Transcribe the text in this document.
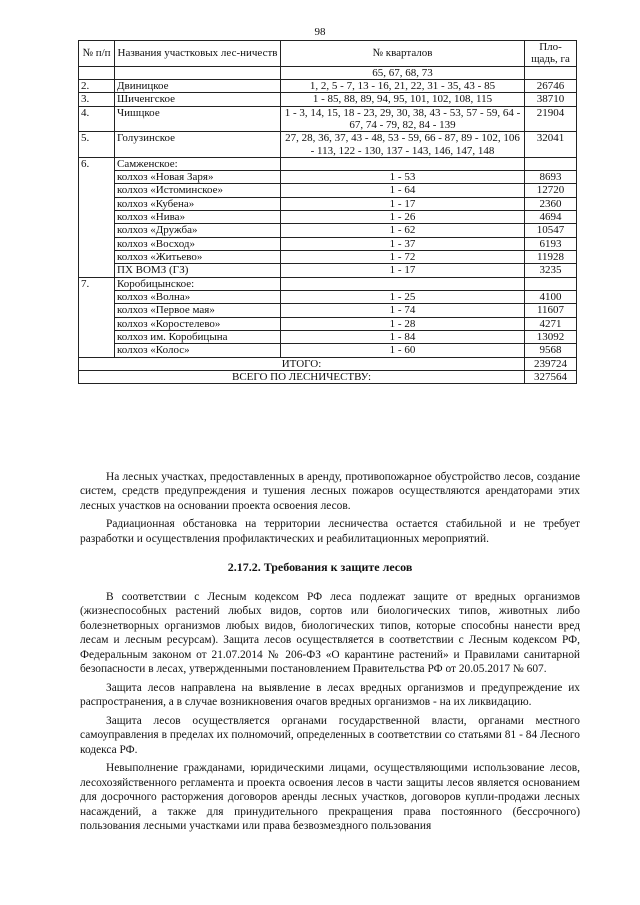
98
№ п/п	Названия участковых лес-ничеств	№ кварталов	Пло-щадь, га
		65, 67, 68, 73	
2.	Двиницкое	1, 2, 5 - 7, 13 - 16, 21, 22, 31 - 35, 43 - 85	26746
3.	Шиченгское	1 - 85, 88, 89, 94, 95, 101, 102, 108, 115	38710
4.	Чишцкое	1 - 3, 14, 15, 18 - 23, 29, 30, 38, 43 - 53, 57 - 59, 64 - 67, 74 - 79, 82, 84 - 139	21904
5.	Голузинское	27, 28, 36, 37, 43 - 48, 53 - 59, 66 - 87, 89 - 102, 106 - 113, 122 - 130, 137 - 143, 146, 147, 148	32041
6.	Самженское:		
	колхоз «Новая Заря»	1 - 53	8693
	колхоз «Истоминское»	1 - 64	12720
	колхоз «Кубена»	1 - 17	2360
	колхоз «Нива»	1 - 26	4694
	колхоз «Дружба»	1 - 62	10547
	колхоз «Восход»	1 - 37	6193
	колхоз «Житьево»	1 - 72	11928
	ПХ ВОМЗ (ГЗ)	1 - 17	3235
7.	Коробицынское:		
	колхоз «Волна»	1 - 25	4100
	колхоз «Первое мая»	1 - 74	11607
	колхоз «Коростелево»	1 - 28	4271
	колхоз им. Коробицына	1 - 84	13092
	колхоз «Колос»	1 - 60	9568
ИТОГО:			239724
ВСЕГО ПО ЛЕСНИЧЕСТВУ:			327564

На лесных участках, предоставленных в аренду, противопожарное обустройство лесов, создание систем, средств предупреждения и тушения лесных пожаров осуществляются арендаторами этих лесных участков на основании проекта освоения лесов.

Радиационная обстановка на территории лесничества остается стабильной и не требует разработки и осуществления профилактических и реабилитационных мероприятий.

2.17.2. Требования к защите лесов

В соответствии с Лесным кодексом РФ леса подлежат защите от вредных организмов (жизнеспособных растений любых видов, сортов или биологических типов, животных либо болезнетворных организмов любых видов, биологических типов, которые способны нанести вред лесам и лесным ресурсам). Защита лесов осуществляется в соответствии с Лесным кодексом РФ, Федеральным законом от 21.07.2014 № 206-ФЗ «О карантине растений» и Правилами санитарной безопасности в лесах, утвержденными постановлением Правительства РФ от 20.05.2017 № 607.

Защита лесов направлена на выявление в лесах вредных организмов и предупреждение их распространения, а в случае возникновения очагов вредных организмов - на их ликвидацию.

Защита лесов осуществляется органами государственной власти, органами местного самоуправления в пределах их полномочий, определенных в соответствии со статьями 81 - 84 Лесного кодекса РФ.

Невыполнение гражданами, юридическими лицами, осуществляющими использование лесов, лесохозяйственного регламента и проекта освоения лесов в части защиты лесов является основанием для досрочного расторжения договоров аренды лесных участков, договоров купли-продажи лесных насаждений, а также для принудительного прекращения права постоянного (бессрочного) пользования лесными участками или права безвозмездного пользования
